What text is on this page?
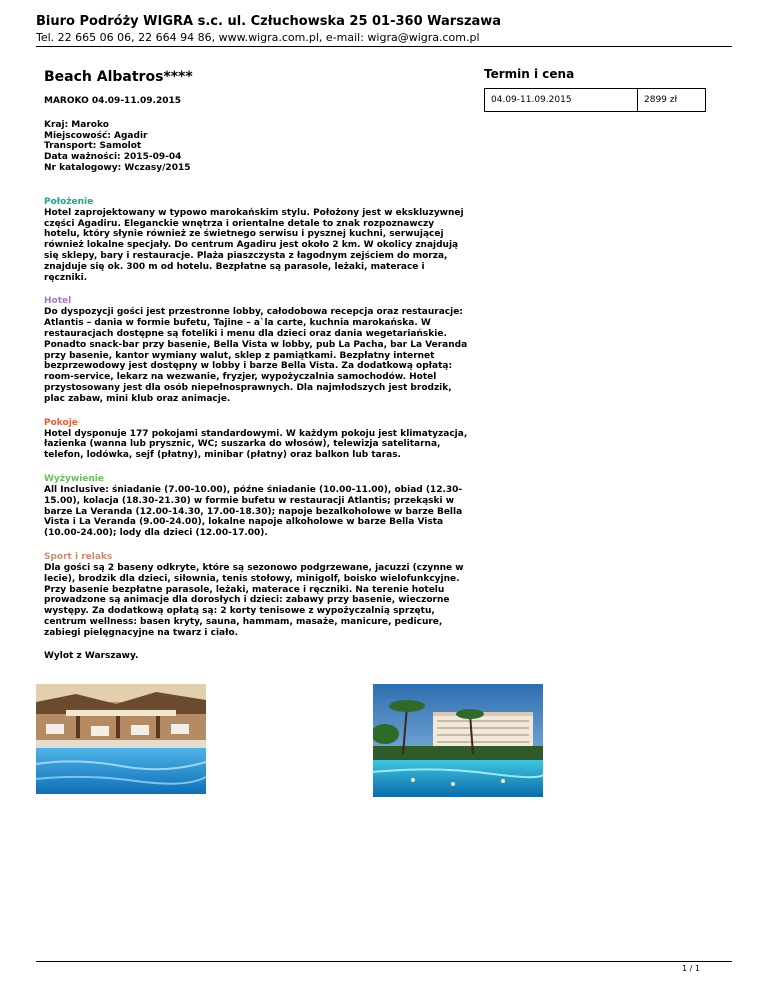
Biuro Podróży WIGRA s.c. ul. Człuchowska 25 01-360 Warszawa
Tel. 22 665 06 06, 22 664 94 86, www.wigra.com.pl, e-mail: wigra@wigra.com.pl
Beach Albatros****

MAROKO 04.09-11.09.2015

Kraj: Maroko

Miejscowość: Agadir

Transport: Samolot

Data ważności: 2015-09-04

Nr katalogowy: Wczasy/2015

Położenie

Hotel zaprojektowany w typowo marokańskim stylu. Położony jest w ekskluzywnej części Agadiru. Eleganckie wnętrza i orientalne detale to znak rozpoznawczy hotelu, który słynie również ze świetnego serwisu i pysznej kuchni, serwującej również lokalne specjały. Do centrum Agadiru jest około 2 km. W okolicy znajdują się sklepy, bary i restauracje. Plaża piaszczysta z łagodnym zejściem do morza, znajduje się ok. 300 m od hotelu. Bezpłatne są parasole, leżaki, materace i ręczniki.

Hotel

Do dyspozycji gości jest przestronne lobby, całodobowa recepcja oraz restauracje: Atlantis – dania w formie bufetu, Tajine – a`la carte, kuchnia marokańska. W restauracjach dostępne są foteliki i menu dla dzieci oraz dania wegetariańskie. Ponadto snack-bar przy basenie, Bella Vista w lobby, pub La Pacha, bar La Veranda przy basenie, kantor wymiany walut, sklep z pamiątkami. Bezpłatny internet bezprzewodowy jest dostępny w lobby i barze Bella Vista. Za dodatkową opłatą: room-service, lekarz na wezwanie, fryzjer, wypożyczalnia samochodów. Hotel przystosowany jest dla osób niepełnosprawnych. Dla najmłodszych jest brodzik, plac zabaw, mini klub oraz animacje.

Pokoje

Hotel dysponuje 177 pokojami standardowymi. W każdym pokoju jest klimatyzacja, łazienka (wanna lub prysznic, WC; suszarka do włosów), telewizja satelitarna, telefon, lodówka, sejf (płatny), minibar (płatny) oraz balkon lub taras.

Wyżywienie

All Inclusive: śniadanie (7.00-10.00), późne śniadanie (10.00-11.00), obiad (12.30-15.00), kolacja (18.30-21.30) w formie bufetu w restauracji Atlantis; przekąski w barze La Veranda (12.00-14.30, 17.00-18.30); napoje bezalkoholowe w barze Bella Vista i La Veranda (9.00-24.00), lokalne napoje alkoholowe w barze Bella Vista (10.00-24.00); lody dla dzieci (12.00-17.00).

Sport i relaks

Dla gości są 2 baseny odkryte, które są sezonowo podgrzewane, jacuzzi (czynne w lecie), brodzik dla dzieci, siłownia, tenis stołowy, minigolf, boisko wielofunkcyjne. Przy basenie bezpłatne parasole, leżaki, materace i ręczniki. Na terenie hotelu prowadzone są animacje dla dorosłych i dzieci: zabawy przy basenie, wieczorne występy. Za dodatkową opłatą są: 2 korty tenisowe z wypożyczalnią sprzętu, centrum wellness: basen kryty, sauna, hammam, masaże, manicure, pedicure, zabiegi pielęgnacyjne na twarz i ciało.

Wylot z Warszawy.

Termin i cena
04.09-11.09.2015	2899 zł
1 / 1
